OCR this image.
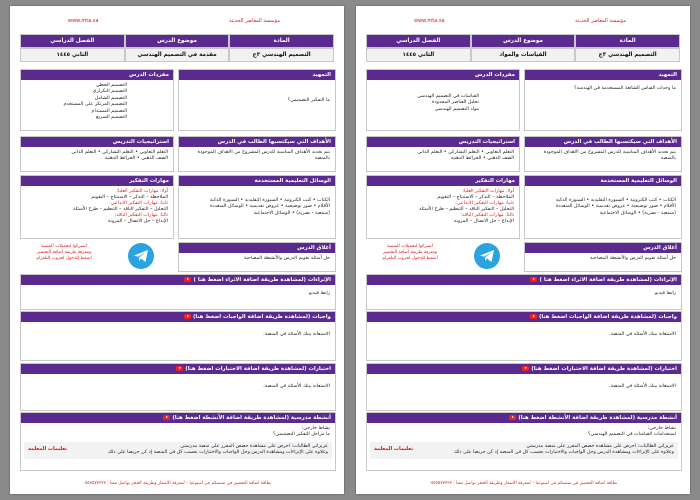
www.mta.sa	مؤسسة المعاصر الحديثة
الفصل الدراسي	موضوع الدرس	المادة
الثاني ١٤٤٥	مقدمة في التصميم الهندسي	التصميم الهندسي ٣ج
مفردات الدرس
التصميم الخطي
التصميم التكراري
التصميم الشامل
التصميم المرتكز على المستخدم
التصميم المستدام
التصميم السريع
التمهيد
ما التفكير التصميمي؟
استراتيجيات التدريس
التعلم التعاوني • التعلم التشاركي • التعلم الذاتي
الصف الذهني • الخرائط الذهنية
الأهداف التي سيكتسبها الطالب في الدرس
يتم تحديد الأهداف المناسبة للدرس المشروح من الاهداف الموجودة
بالمنصة
مهارات التفكير
أولا: مهارات التفكير العليا:
الملاحظة – التذكر – الاستنتاج – التقويم
ثانيا: مهارات التفكير الابداعي:
التحليل – التفكير الناقد – التنظيم – طرح الأسئلة
ثالثا: مهارات التفكير الناقد:
الإبداع – حل الاتصال – المرونة
الوسائل التعليمية المستخدمة
الكتاب • كتب الكترونية • السبورة التقليدية • السبورة الذكية
الأقلام • صور توضيحية • عروض تقديمية • الوسائل المتعددة
(سمعية - بصرية) • الوسائل الاجتماعية
اشتركوا لتحميلات المنصة
ومعرفة طريقة اضافة التحضير
اضغط للدخول لجروب التلغرام
أغلاق الدرس
حل أسئلة تقويم الدرس والأنشطة المصاحبة
الإثراءات (لمشاهدة طريقة اضافة الاثراء اضغط هنا )
رابط فيديو
واجبات (لمشاهدة طريقة اضافة الواجبات اضغط هنا)
الاستعانة ببنك الأسئلة في المنصة.
اختبارات (لمشاهدة طريقة اضافة الاختبارات اضغط هنا)
الاستعانة ببنك الأسئلة في المنصة.
أنشطة مدرسية (لمشاهدة طريقة اضافة الأنشطة اضغط هنا)
نشاط خارجي:
ما مراحل التفكير التصميمي؟
عزيزاتي الطالبات: احرص على مشاهدة حصص المقرر على منصة مدرستي
وعلاوة على الإثراءات ومشاهدة الدرس وحل الواجبات والاختبارات بحسب كل في المنصة إذ كن حريصا على ذلك
تعليمات المعلمة
بطاقة اضافة التحضير في منصتكم في اسبوعيا – لمعرفة الاسعار وطريقة الحجز تواصل معنا : ٠٥٥٧٥٧٧٣٣٣
www.mta.sa	مؤسسة المعاصر الحديثة
الفصل الدراسي	موضوع الدرس	المادة
الثاني ١٤٤٥	القياسات والمواد	التصميم الهندسي ٣ج
مفردات الدرس
القياسات في التصميم الهندسي
تحليل العناصر المحدودة
مواد التصميم الهندسي
التمهيد
ما وحدات القياس الشائعة المستخدمة في الهندسة؟
استراتيجيات التدريس
التعلم التعاوني • التعلم التشاركي • التعلم الذاتي
الصف الذهني • الخرائط الذهنية
الأهداف التي سيكتسبها الطالب في الدرس
يتم تحديد الأهداف المناسبة للدرس المشروح من الاهداف الموجودة
بالمنصة
مهارات التفكير
أولا: مهارات التفكير العليا:
الملاحظة – التذكر – الاستنتاج – التقويم
ثانيا: مهارات التفكير الابداعي:
التحليل – التفكير الناقد – التنظيم – طرح الأسئلة
ثالثا: مهارات التفكير الناقد:
الإبداع – حل الاتصال – المرونة
الوسائل التعليمية المستخدمة
الكتاب • كتب الكترونية • السبورة التقليدية • السبورة الذكية
الأقلام • صور توضيحية • عروض تقديمية • الوسائل المتعددة
(سمعية - بصرية) • الوسائل الاجتماعية
اشتركوا لتحميلات المنصة
ومعرفة طريقة اضافة التحضير
اضغط للدخول لجروب التلغرام
أغلاق الدرس
حل أسئلة تقويم الدرس والأنشطة المصاحبة
الإثراءات (لمشاهدة طريقة اضافة الاثراء اضغط هنا )
رابط فيديو
واجبات (لمشاهدة طريقة اضافة الواجبات اضغط هنا)
الاستعانة ببنك الأسئلة في المنصة.
اختبارات (لمشاهدة طريقة اضافة الاختبارات اضغط هنا)
الاستعانة ببنك الأسئلة في المنصة.
أنشطة مدرسية (لمشاهدة طريقة اضافة الأنشطة اضغط هنا)
نشاط خارجي:
استخدامات القياسات في التصميم الهندسي؟
عزيزاتي الطالبات: احرص على مشاهدة حصص المقرر على منصة مدرستي
وعلاوة على الإثراءات ومشاهدة الدرس وحل الواجبات والاختبارات بحسب كل في المنصة إذ كن حريصا على ذلك
تعليمات المعلمة
بطاقة اضافة التحضير في منصتكم في اسبوعيا – لمعرفة الاسعار وطريقة الحجز تواصل معنا : ٠٥٥٧٥٧٧٣٣٣
